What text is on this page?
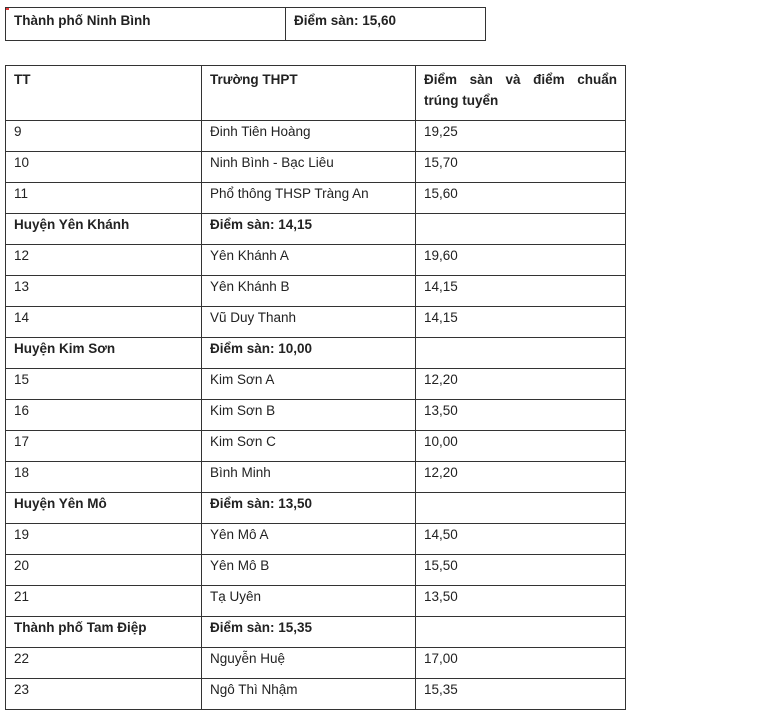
Thành phố Ninh Bình	Điểm sàn: 15,60
TT	Trường THPT	Điểm sàn và điểm chuẩn
trúng tuyển
9	Đinh Tiên Hoàng	19,25
10	Ninh Bình - Bạc Liêu	15,70
11	Phổ thông THSP Tràng An	15,60
Huyện Yên Khánh	Điểm sàn: 14,15	
12	Yên Khánh A	19,60
13	Yên Khánh B	14,15
14	Vũ Duy Thanh	14,15
Huyện Kim Sơn	Điểm sàn: 10,00	
15	Kim Sơn A	12,20
16	Kim Sơn B	13,50
17	Kim Sơn C	10,00
18	Bình Minh	12,20
Huyện Yên Mô	Điểm sàn: 13,50	
19	Yên Mô A	14,50
20	Yên Mô B	15,50
21	Tạ Uyên	13,50
Thành phố Tam Điệp	Điểm sàn: 15,35	
22	Nguyễn Huệ	17,00
23	Ngô Thì Nhậm	15,35
